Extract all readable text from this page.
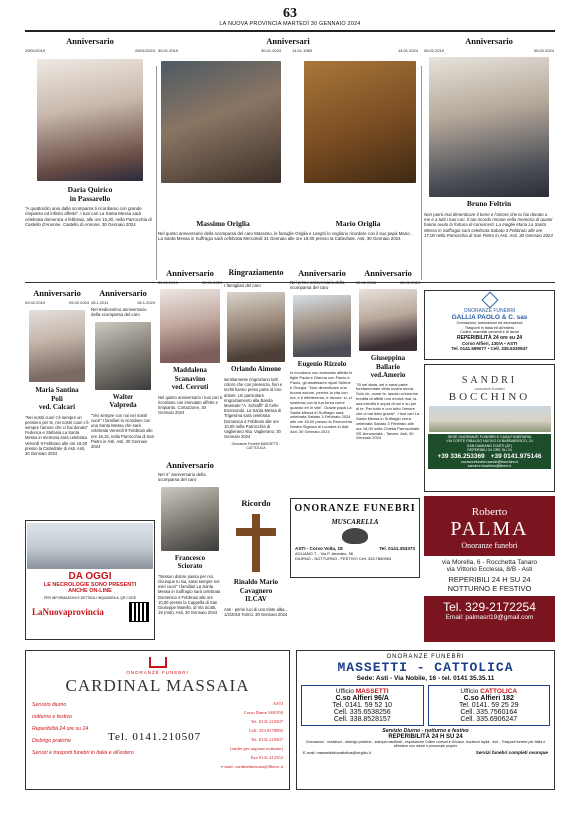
63
LA NUOVA PROVINCIA MARTEDÌ 30 GENNAIO 2024
Anniversario
29/01/2010	29/01/2024
Daria Quirico
in Passarello
"A quattordici anni dalla scomparsa ti ricordiamo con grande rimpianto ed infinito affetto". I tuoi cari La Santa Messa sarà celebrata domenica 4 febbraio, alle ore 10,30, nella Parrocchia di Castello d'Annone. Castello di Annone, 30 Gennaio 2024
Anniversari
30.01.2019	30.01.2024	14.01.1983	14.01.2024
Massimo Origlia	Mario Origlia
Nel quinto anniversario della scomparsa del caro Massimo, le famiglie Origlia e Langhi lo vogliono ricordare con il suo papà Mario. La Santa Messa in Suffragio sarà celebrata Mercoledì 31 Gennaio alle ore 18,00 presso la Cattedrale. Asti, 30 Gennaio 2024
Anniversario
05.02.2010	05.02.2024
Bruno Feltrin
Non potrò mai dimenticare il bene e l'amore che tu hai donato a me e a tutti i tuoi cari. Il tuo ricordo rimane nella memoria di quanti hanno avuto la fortuna di conoscerti. La moglie Maria La Santa Messa in Suffragio sarà celebrata Sabato 3 Febbraio alle ore 17,00 nella Parrocchia di San Pietro in Asti. Asti, 30 Gennaio 2024
Anniversario
09.02.2010	09.02.2024
Maria Santina
Poli
ved. Calcari
"Nei nostri cuori c'è sempre un pensiero per te, nei nostri cuori c'è sempre l'amore che ci hai donato" Federica e Stefania La Santa Messa in memoria sarà celebrata Venerdì 9 Febbraio alle ore 18,00 presso la Cattedrale di Asti. Asti, 30 Gennaio 2024
Anniversario
28.1.2011	28.1.2024
Nel tredicesimo anniversario della scomparsa del caro
Walter
Valpreda
"Vivi sempre con noi nei nostri cuori" I familiari lo ricordano con una Santa Messa che sarà celebrata Venerdì 9 Febbraio alle ore 18,15, nella Parrocchia di San Pietro in Asti. Asti, 30 Gennaio 2024
Anniversario
30.01.2019	30.01.2024
Maddalena
Scanavino
ved. Cerruti
Nel quinto anniversario i tuoi cari ti ricordano con immutato affetto e rimpianto. Cortazzone, 30 Gennaio 2024
Anniversario
Nel 4° anniversario della scomparsa del caro
Francesco
Sciorato
"Nessun dolore passa per noi. Ovunque tu sia, sarai sempre nei miei cuori" I familiari La Santa Messa in Suffragio sarà celebrata Domenica 4 Febbraio alle ore 10,00 presso la Cappella di San Giuseppe Marello, di Via Scotti, 19 (Asti). Asti, 30 Gennaio 2024
Ringraziamento
I famigliari del caro
Orlando Aimone
sentitamente ringraziano tutti coloro che con presenza, fiori e scritti hanno preso parte al loro dolore. Un particolare ringraziamento alla Banda Musicale "A. Schiaffi" di Celle Enomondo. La Santa Messa di Trigesima sarà celebrata Domenica 4 Febbraio alle ore 10,00 nella Parrocchia di Vaglierano Alta. Vaglierano, 30 Gennaio 2024
Onoranze Funebri MASSETTI - CATTOLICA
Ricordo
Rinaldo Mario
Cavagnero
ILCAV
Asti - prime luci di uno triste alba... 1/2/2015 Torino, 30 Gennaio 2024
Anniversario
Nel primo anniversario della scomparsa del caro
Eugenio Rizzolo
lo ricordano con immutato affetto le figlie Paola e Gianna con Flavio e Paolo, gli amatissimi nipoti Selene e Giorgia. "Non dimenticare una buona azione, perché la vita con noi, e ti rifletteremo, e dicono: sì, ci sosterrai con la tua forza come quando eri in vita". Grazie papà La Santa Messa in Suffragio sarà celebrata Sabato 3 Febbraio 2024 alle ore 18,00 presso la Parrocchia Nostra Signora di Lourdes in Asti. Asti, 30 Gennaio 2024
Anniversario
02.02.2006	02.02.2024
Giuseppina
Ballario
ved.Amerio
"Si sei stata, sei e sarai parte fondamentale della nostra storia. Solo ch, come te, lascia un'enorme eredità di affetti uno morirà mai, la sua eredità è sopra di noi e su per di te. Per tutto e con tutto l'amore che ci hai dato grazie". I tuoi cari La Santa Messa in Suffragio verrà celebrata Sabato 3 Febbraio alle ore 18,00 nella Chiesa Parrocchiale SS.Annunziata - Tanaro. Asti, 30 Gennaio 2024
ONORANZE FUNEBRI
GALLIA PAOLO & C. sas
Cremazioni, tumulazioni ed esumazioni
Trasporti in Italia ed all'estero
Colleri, marmisti cementi e di lavori
REPERIBILITÀ 24 ore su 24
Corso Alfieri, 130/A • ASTI
Tel. 0141.599077 • Cell. 335.5330947
SANDRI
onoranze funebri
BOCCHINO
SEDE ONORANZE FUNEBRI E CASA FUNERARIA
VIA CORTE RIBALDO NUOVO DI BARBARESCO, 24
SAN DAMIANO D'ASTI (AT)
REPERIBILI 24 ORE SU 24
+39 336.253369 +39 0141.975146
onoranzefunebri.sandri@bocchino.it
sandri.e.bocchino@libero.it
DA OGGI
LE NECROLOGIE SONO PRESENTI
ANCHE ON-LINE
PER INFORMAZIONI E DETTAGLI INQUADRA IL QR CODE
LaNuovaprovincia
ONORANZE FUNEBRI
MUSCARELLA
ASTI - Corso Volta, 18	Tel. 0141.353373
AGLIANO T. - Via P. Amedeo, 56
DIURNO - NOTTURNO - FESTIVO Cell. 333.7860063
Roberto
PALMA
Onoranze funebri
via Morella, 6 - Rocchetta Tanaro
via Vittorio Ecclesia, 8/B - Asti
REPERIBILI 24 H SU 24
NOTTURNO E FESTIVO
Tel. 329-2172254
Email: palmasrl19@gmail.com
ONORANZE FUNEBRI
CARDINAL MASSAIA
Servizio diurno
notturno e festivo
Reperibilità 24 ore su 24
Disbrigo pratiche
Servizi e trasporti funebri in Italia e all'estero
Tel. 0141.210507
ASTI
Corso Dante 348/350
Tel. 0141.210507
Cell. 333.9178092
Tel. 0141.210507
(anche per urgenze notturne)
Fax 0141.412352
e-mail: cardinalmassaia@libero.it
ONORANZE FUNEBRI
MASSETTI - CATTOLICA
Sede: Asti - Via Nobile, 16 - tel. 0141 35.35.11
Ufficio MASSETTI
C.so Alfieri 96/A
Tel. 0141. 59 52 10
Cell. 335.6538256
Cell. 338.8528157
Ufficio CATTOLICA
C.so Alfieri 182
Tel. 0141. 59 25 29
Cell. 335.7560164
Cell. 335.6906247
Servizio Diurno - notturno e festivo
REPERIBILITÀ 24 H SU 24
Cremazioni - vestizioni - disbrigo pratiche - stampa manifesti - esposizione Colleri comuni e di lusso. Iscrizioni lapidi - fiori - Trasporti funebri per Italia e all'estero con mezzi e personale proprio
E-mail: massettisitocattolica@virgilio.it	Servizi funebri completi ovunque
